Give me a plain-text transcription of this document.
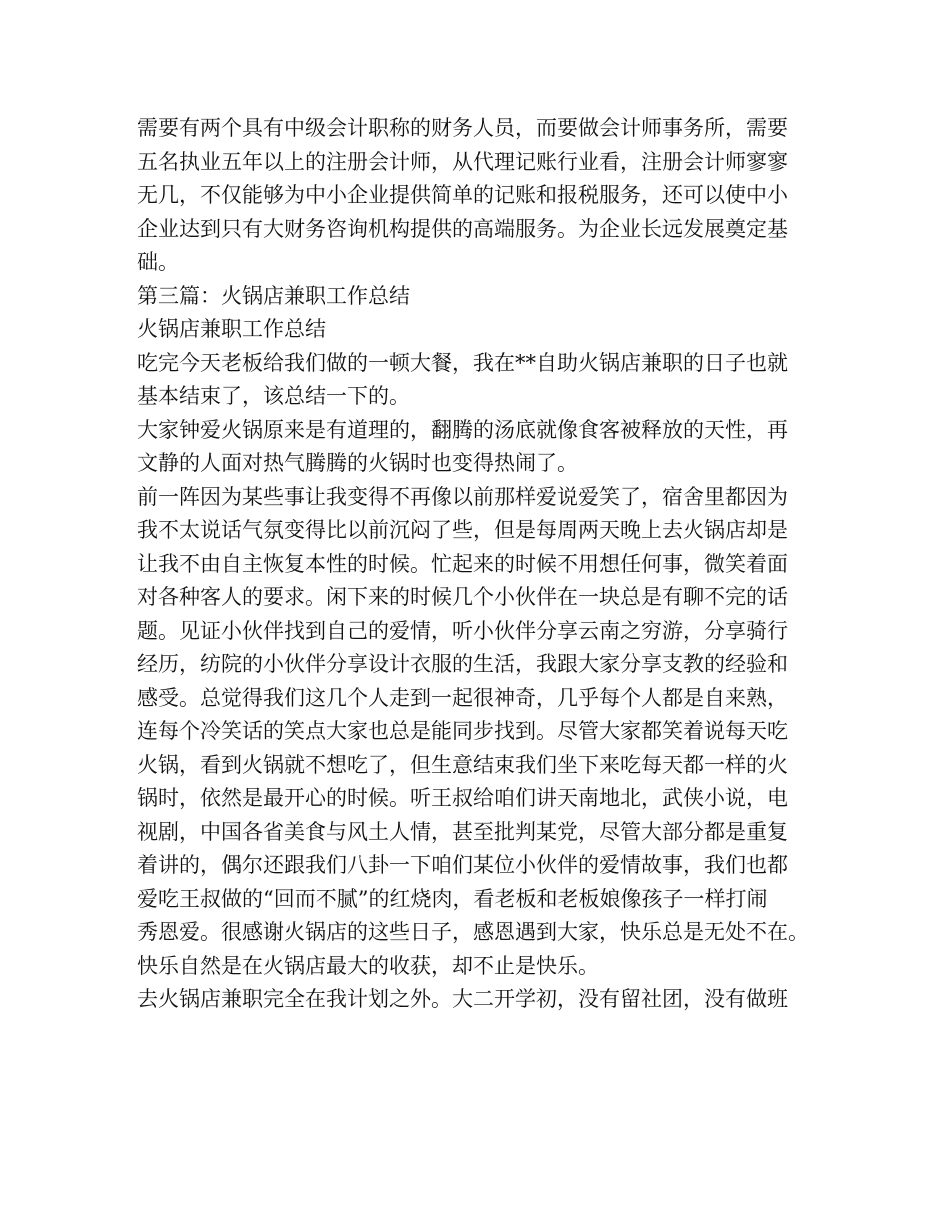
需要有两个具有中级会计职称的财务人员，而要做会计师事务所，需要
五名执业五年以上的注册会计师，从代理记账行业看，注册会计师寥寥
无几，不仅能够为中小企业提供简单的记账和报税服务，还可以使中小
企业达到只有大财务咨询机构提供的高端服务。为企业长远发展奠定基
础。
第三篇：火锅店兼职工作总结
火锅店兼职工作总结
吃完今天老板给我们做的一顿大餐，我在**自助火锅店兼职的日子也就
基本结束了，该总结一下的。
大家钟爱火锅原来是有道理的，翻腾的汤底就像食客被释放的天性，再
文静的人面对热气腾腾的火锅时也变得热闹了。
前一阵因为某些事让我变得不再像以前那样爱说爱笑了，宿舍里都因为
我不太说话气氛变得比以前沉闷了些，但是每周两天晚上去火锅店却是
让我不由自主恢复本性的时候。忙起来的时候不用想任何事，微笑着面
对各种客人的要求。闲下来的时候几个小伙伴在一块总是有聊不完的话
题。见证小伙伴找到自己的爱情，听小伙伴分享云南之穷游，分享骑行
经历，纺院的小伙伴分享设计衣服的生活，我跟大家分享支教的经验和
感受。总觉得我们这几个人走到一起很神奇，几乎每个人都是自来熟，
连每个冷笑话的笑点大家也总是能同步找到。尽管大家都笑着说每天吃
火锅，看到火锅就不想吃了，但生意结束我们坐下来吃每天都一样的火
锅时，依然是最开心的时候。听王叔给咱们讲天南地北，武侠小说，电
视剧，中国各省美食与风土人情，甚至批判某党，尽管大部分都是重复
着讲的，偶尔还跟我们八卦一下咱们某位小伙伴的爱情故事，我们也都
爱吃王叔做的“回而不腻”的红烧肉，看老板和老板娘像孩子一样打闹
秀恩爱。很感谢火锅店的这些日子，感恩遇到大家，快乐总是无处不在。
快乐自然是在火锅店最大的收获，却不止是快乐。
去火锅店兼职完全在我计划之外。大二开学初，没有留社团，没有做班
